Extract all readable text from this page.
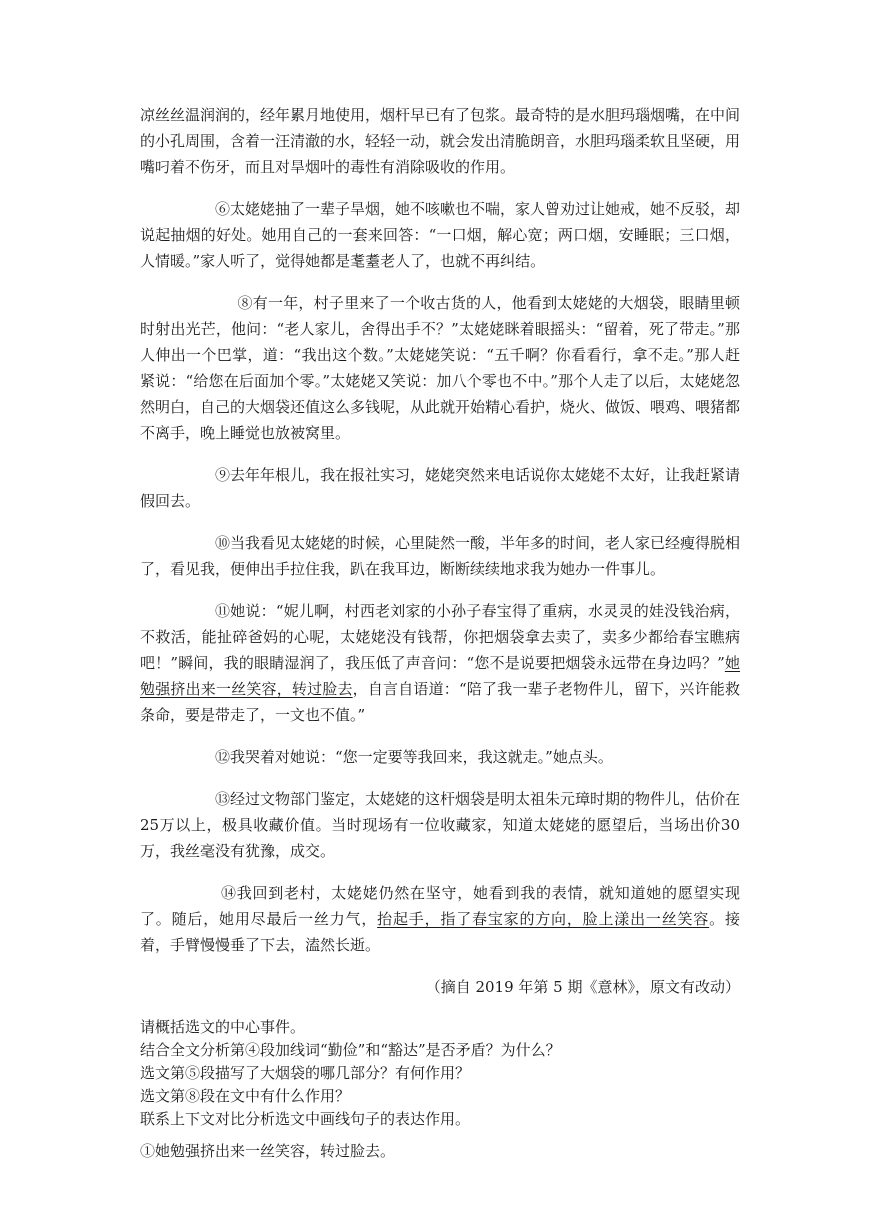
凉丝丝温润润的，经年累月地使用，烟杆早已有了包浆。最奇特的是水胆玛瑙烟嘴，在中间的小孔周围，含着一汪清澈的水，轻轻一动，就会发出清脆朗音，水胆玛瑙柔软且坚硬，用嘴叼着不伤牙，而且对旱烟叶的毒性有消除吸收的作用。

⑥太姥姥抽了一辈子旱烟，她不咳嗽也不喘，家人曾劝过让她戒，她不反驳，却说起抽烟的好处。她用自己的一套来回答：“一口烟，解心宽；两口烟，安睡眠；三口烟，人情暖。”家人听了，觉得她都是耄耋老人了，也就不再纠结。

⑧有一年，村子里来了一个收古货的人，他看到太姥姥的大烟袋，眼睛里顿时射出光芒，他问：“老人家儿，舍得出手不？”太姥姥眯着眼摇头：“留着，死了带走。”那人伸出一个巴掌，道：“我出这个数。”太姥姥笑说：“五千啊？你看看行，拿不走。”那人赶紧说：“给您在后面加个零。”太姥姥又笑说：加八个零也不中。”那个人走了以后，太姥姥忽然明白，自己的大烟袋还值这么多钱呢，从此就开始精心看护，烧火、做饭、喂鸡、喂猪都不离手，晚上睡觉也放被窝里。

⑨去年年根儿，我在报社实习，姥姥突然来电话说你太姥姥不太好，让我赶紧请假回去。

⑩当我看见太姥姥的时候，心里陡然一酸，半年多的时间，老人家已经瘦得脱相了，看见我，便伸出手拉住我，趴在我耳边，断断续续地求我为她办一件事儿。

⑪她说：“妮儿啊，村西老刘家的小孙子春宝得了重病，水灵灵的娃没钱治病，不救活，能扯碎爸妈的心呢，太姥姥没有钱帮，你把烟袋拿去卖了，卖多少都给春宝瞧病吧！”瞬间，我的眼睛湿润了，我压低了声音问：“您不是说要把烟袋永远带在身边吗？”她勉强挤出来一丝笑容，转过脸去，自言自语道：“陪了我一辈子老物件儿，留下，兴许能救条命，要是带走了，一文也不值。”

⑫我哭着对她说：“您一定要等我回来，我这就走。”她点头。

⑬经过文物部门鉴定，太姥姥的这杆烟袋是明太祖朱元璋时期的物件儿，估价在25万以上，极具收藏价值。当时现场有一位收藏家，知道太姥姥的愿望后，当场出价30万，我丝毫没有犹豫，成交。

⑭我回到老村，太姥姥仍然在坚守，她看到我的表情，就知道她的愿望实现了。随后，她用尽最后一丝力气，抬起手，指了春宝家的方向，脸上漾出一丝笑容。接着，手臂慢慢垂了下去，溘然长逝。

（摘自 2019 年第 5 期《意林》，原文有改动）

请概括选文的中心事件。

结合全文分析第④段加线词“勤俭”和“豁达”是否矛盾？为什么？

选文第⑤段描写了大烟袋的哪几部分？有何作用？

选文第⑧段在文中有什么作用？

联系上下文对比分析选文中画线句子的表达作用。

①她勉强挤出来一丝笑容，转过脸去。
